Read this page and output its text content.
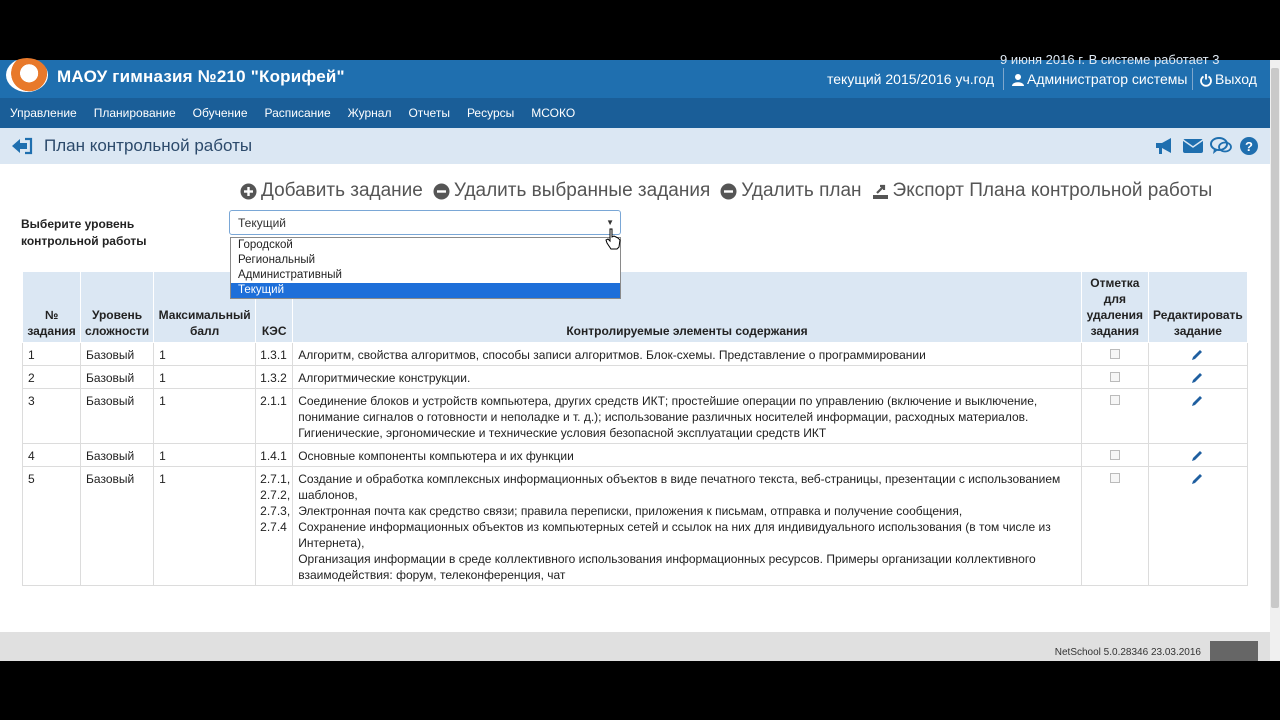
МАОУ гимназия №210 "Корифей"
9 июня 2016 г. В системе работает 3
текущий 2015/2016 уч.год Администратор системы Выход
Управление Планирование Обучение Расписание Журнал Отчеты Ресурсы МСОКО
План контрольной работы	?
Добавить задание Удалить выбранные задания Удалить план Экспорт Плана контрольной работы
Выберите уровень контрольной работы
Текущий	▼
Городской
Региональный
Административный
Текущий
№ задания	Уровень сложности	Максимальный балл	КЭС	Контролируемые элементы содержания	Отметка для удаления задания	Редактировать задание
1	Базовый	1	1.3.1	Алгоритм, свойства алгоритмов, способы записи алгоритмов. Блок-схемы. Представление о программировании	

2	Базовый	1	1.3.2	Алгоритмические конструкции.	

3	Базовый	1	2.1.1	Соединение блоков и устройств компьютера, других средств ИКТ; простейшие операции по управлению (включение и выключение, понимание сигналов о готовности и неполадке и т. д.); использование различных носителей информации, расходных материалов. Гигиенические, эргономические и технические условия безопасной эксплуатации средств ИКТ	

4	Базовый	1	1.4.1	Основные компоненты компьютера и их функции	

5	Базовый	1	2.7.1, 2.7.2, 2.7.3, 2.7.4	Создание и обработка комплексных информационных объектов в виде печатного текста, веб-страницы, презентации с использованием шаблонов,
Электронная почта как средство связи; правила переписки, приложения к письмам, отправка и получение сообщения,
Сохранение информационных объектов из компьютерных сетей и ссылок на них для индивидуального использования (в том числе из Интернета),
Организация информации в среде коллективного использования информационных ресурсов. Примеры организации коллективного взаимодействия: форум, телеконференция, чат	

NetSchool 5.0.28346 23.03.2016
